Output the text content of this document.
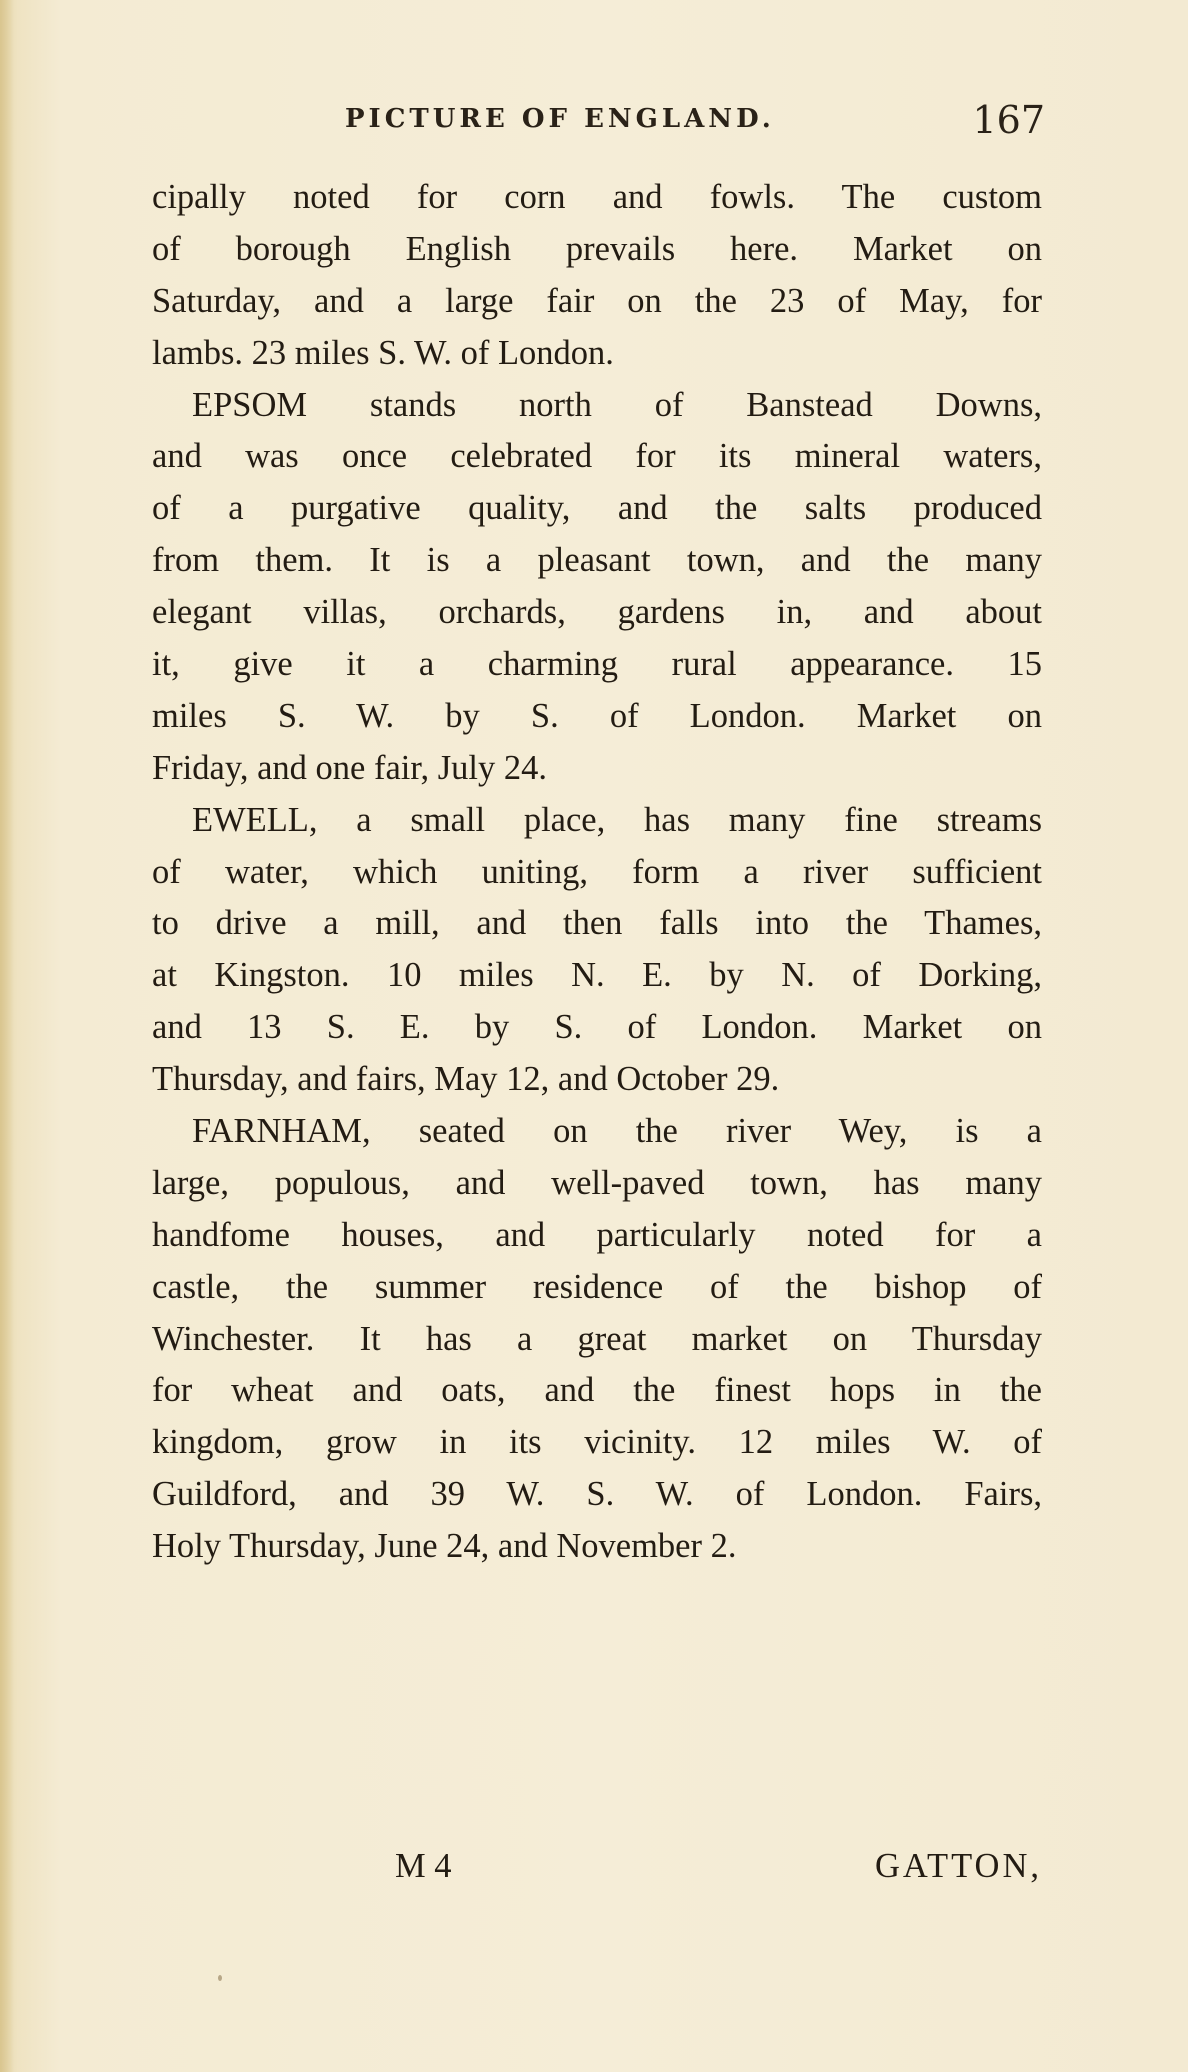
PICTURE OF ENGLAND.	167
cipally noted for corn and fowls. The custom
of borough English prevails here. Market on
Saturday, and a large fair on the 23 of May, for
lambs. 23 miles S. W. of London.
EPSOM stands north of Banstead Downs,
and was once celebrated for its mineral waters,
of a purgative quality, and the salts produced
from them. It is a pleasant town, and the many
elegant villas, orchards, gardens in, and about
it, give it a charming rural appearance. 15
miles S. W. by S. of London. Market on
Friday, and one fair, July 24.
EWELL, a small place, has many fine streams
of water, which uniting, form a river sufficient
to drive a mill, and then falls into the Thames,
at Kingston. 10 miles N. E. by N. of Dorking,
and 13 S. E. by S. of London. Market on
Thursday, and fairs, May 12, and October 29.
FARNHAM, seated on the river Wey, is a
large, populous, and well-paved town, has many
handfome houses, and particularly noted for a
castle, the summer residence of the bishop of
Winchester. It has a great market on Thursday
for wheat and oats, and the finest hops in the
kingdom, grow in its vicinity. 12 miles W. of
Guildford, and 39 W. S. W. of London. Fairs,
Holy Thursday, June 24, and November 2.
M 4	GATTON,
